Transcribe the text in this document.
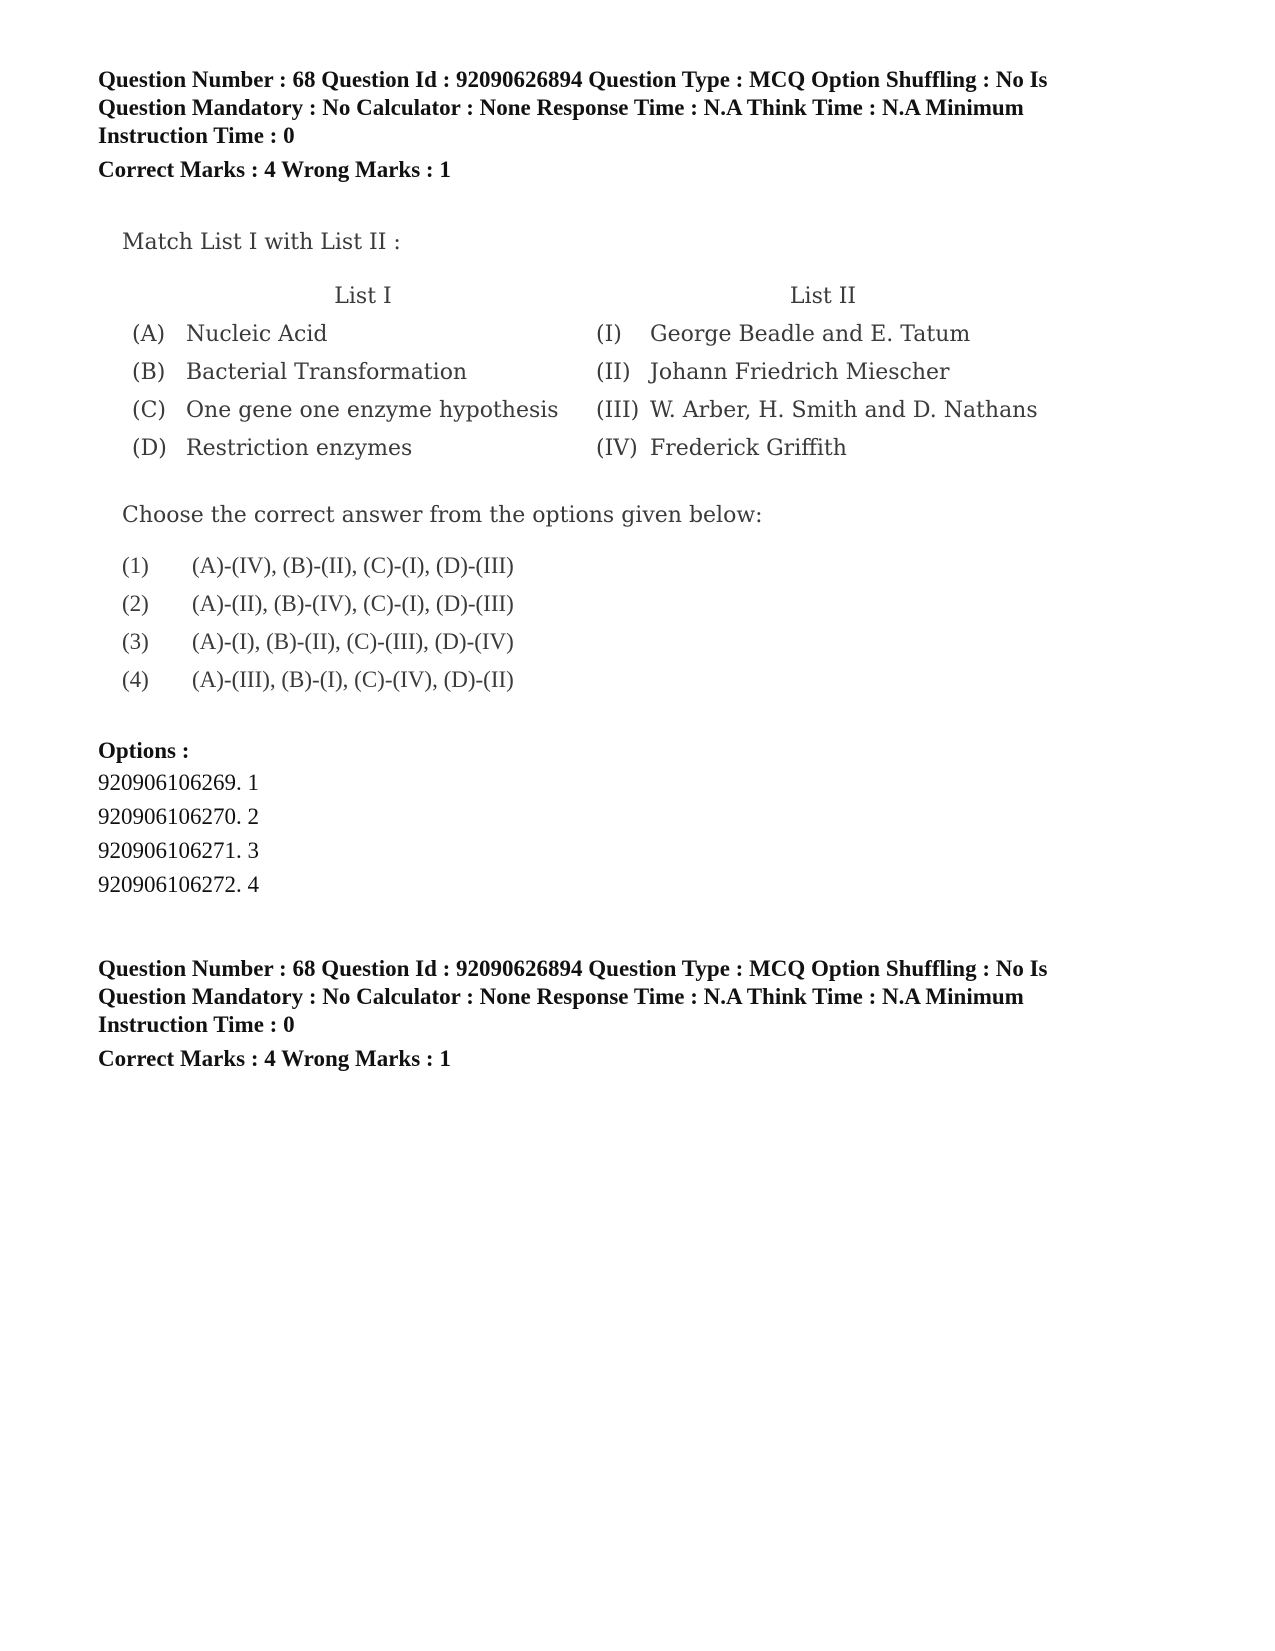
Question Number : 68 Question Id : 92090626894 Question Type : MCQ Option Shuffling : No Is
Question Mandatory : No Calculator : None Response Time : N.A Think Time : N.A Minimum
Instruction Time : 0
Correct Marks : 4 Wrong Marks : 1
Match List I with List II :
List I	List II
(A) Nucleic Acid
(B) Bacterial Transformation
(C) One gene one enzyme hypothesis
(D) Restriction enzymes
(I) George Beadle and E. Tatum
(II) Johann Friedrich Miescher
(III) W. Arber, H. Smith and D. Nathans
(IV) Frederick Griffith
Choose the correct answer from the options given below:
(1) (A)-(IV), (B)-(II), (C)-(I), (D)-(III)
(2) (A)-(II), (B)-(IV), (C)-(I), (D)-(III)
(3) (A)-(I), (B)-(II), (C)-(III), (D)-(IV)
(4) (A)-(III), (B)-(I), (C)-(IV), (D)-(II)
Options :
920906106269. 1
920906106270. 2
920906106271. 3
920906106272. 4
Question Number : 68 Question Id : 92090626894 Question Type : MCQ Option Shuffling : No Is
Question Mandatory : No Calculator : None Response Time : N.A Think Time : N.A Minimum
Instruction Time : 0
Correct Marks : 4 Wrong Marks : 1
